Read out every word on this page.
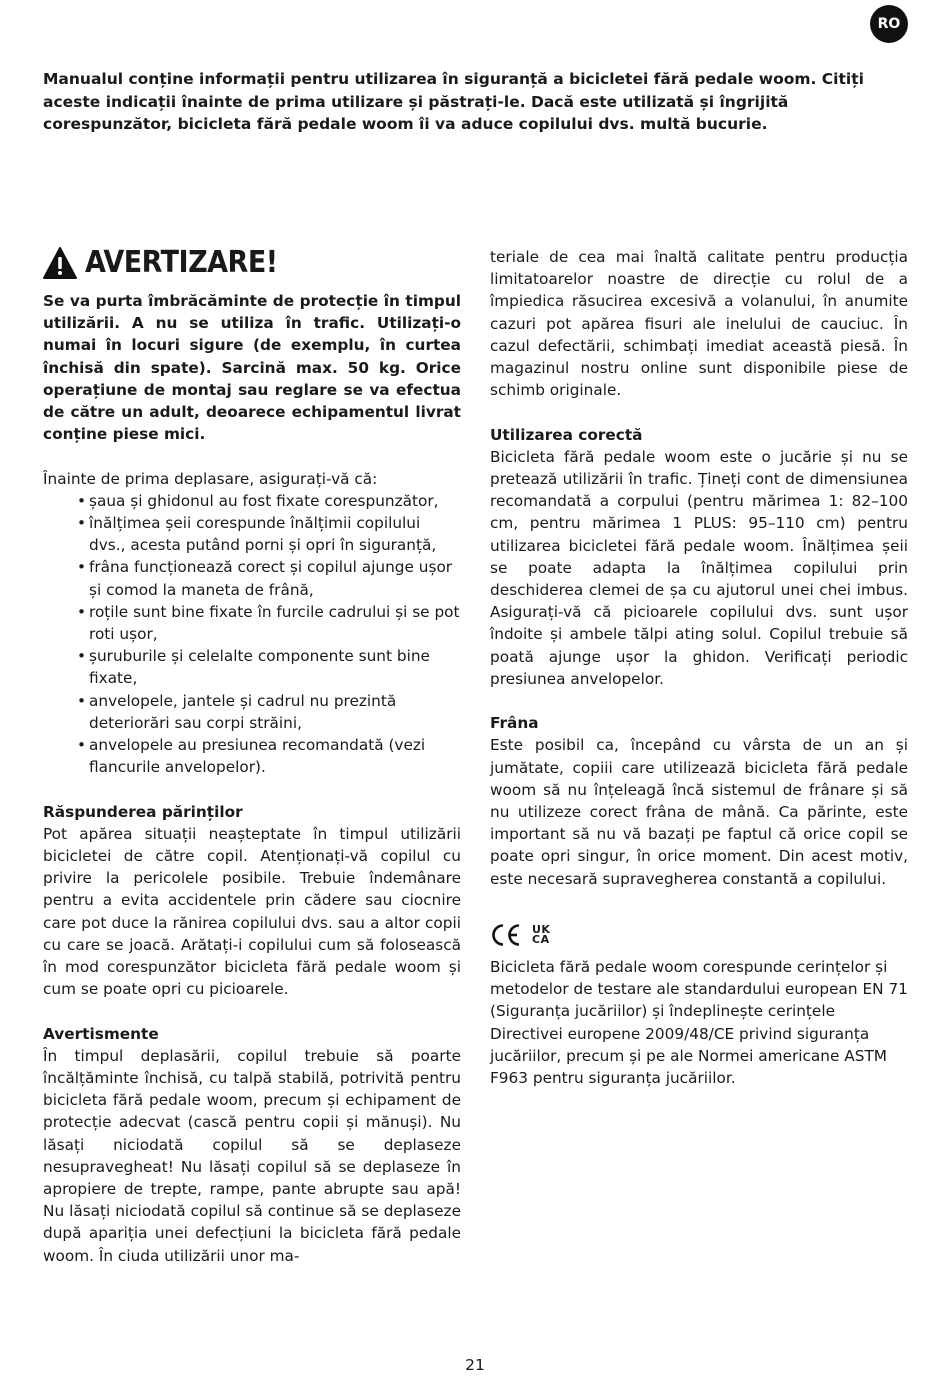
RO

Manualul conține informații pentru utilizarea în siguranță a bicicletei fără pedale woom. Citiți aceste indicații înainte de prima utilizare și păstrați-le. Dacă este utilizată și îngrijită corespunzător, bicicleta fără pedale woom îi va aduce copilului dvs. multă bucurie.

AVERTIZARE!

Se va purta îmbrăcăminte de protecție în timpul utilizării. A nu se utiliza în trafic. Utilizați-o numai în locuri sigure (de exemplu, în curtea închisă din spate). Sarcină max. 50 kg. Orice operațiune de montaj sau reglare se va efectua de către un adult, deoarece echipamentul livrat conține piese mici.

Înainte de prima deplasare, asigurați-vă că:

• șaua și ghidonul au fost fixate corespunzător,
• înălțimea șeii corespunde înălțimii copilului dvs., acesta putând porni și opri în siguranță,
• frâna funcționează corect și copilul ajunge ușor și comod la maneta de frână,
• roțile sunt bine fixate în furcile cadrului și se pot roti ușor,
• șuruburile și celelalte componente sunt bine fixate,
• anvelopele, jantele și cadrul nu prezintă deteriorări sau corpi străini,
• anvelopele au presiunea recomandată (vezi flancurile anvelopelor).

Răspunderea părinților

Pot apărea situații neașteptate în timpul utilizării bicicletei de către copil. Atenționați-vă copilul cu privire la pericolele posibile. Trebuie îndemânare pentru a evita accidentele prin cădere sau ciocnire care pot duce la rănirea copilului dvs. sau a altor copii cu care se joacă. Arătați-i copilului cum să folosească în mod corespunzător bicicleta fără pedale woom și cum se poate opri cu picioarele.

Avertismente

În timpul deplasării, copilul trebuie să poarte încălțăminte închisă, cu talpă stabilă, potrivită pentru bicicleta fără pedale woom, precum și echipament de protecție adecvat (cască pentru copii și mănuși). Nu lăsați niciodată copilul să se deplaseze nesupravegheat! Nu lăsați copilul să se deplaseze în apropiere de trepte, rampe, pante abrupte sau apă! Nu lăsați niciodată copilul să continue să se deplaseze după apariția unei defecțiuni la bicicleta fără pedale woom. În ciuda utilizării unor ma-

teriale de cea mai înaltă calitate pentru producția limitatoarelor noastre de direcție cu rolul de a împiedica răsucirea excesivă a volanului, în anumite cazuri pot apărea fisuri ale inelului de cauciuc. În cazul defectării, schimbați imediat această piesă. În magazinul nostru online sunt disponibile piese de schimb originale.

Utilizarea corectă

Bicicleta fără pedale woom este o jucărie și nu se pretează utilizării în trafic. Țineți cont de dimensiunea recomandată a corpului (pentru mărimea 1: 82–100 cm, pentru mărimea 1 PLUS: 95–110 cm) pentru utilizarea bicicletei fără pedale woom. Înălțimea șeii se poate adapta la înălțimea copilului prin deschiderea clemei de șa cu ajutorul unei chei imbus. Asigurați-vă că picioarele copilului dvs. sunt ușor îndoite și ambele tălpi ating solul. Copilul trebuie să poată ajunge ușor la ghidon. Verificați periodic presiunea anvelopelor.

Frâna

Este posibil ca, începând cu vârsta de un an și jumătate, copiii care utilizează bicicleta fără pedale woom să nu înțeleagă încă sistemul de frânare și să nu utilizeze corect frâna de mână. Ca părinte, este important să nu vă bazați pe faptul că orice copil se poate opri singur, în orice moment. Din acest motiv, este necesară supravegherea constantă a copilului.

UK
CA

Bicicleta fără pedale woom corespunde cerințelor și metodelor de testare ale standardului european EN 71 (Siguranța jucăriilor) și îndeplinește cerințele Directivei europene 2009/48/CE privind siguranța jucăriilor, precum și pe ale Normei americane ASTM F963 pentru siguranța jucăriilor.

21
